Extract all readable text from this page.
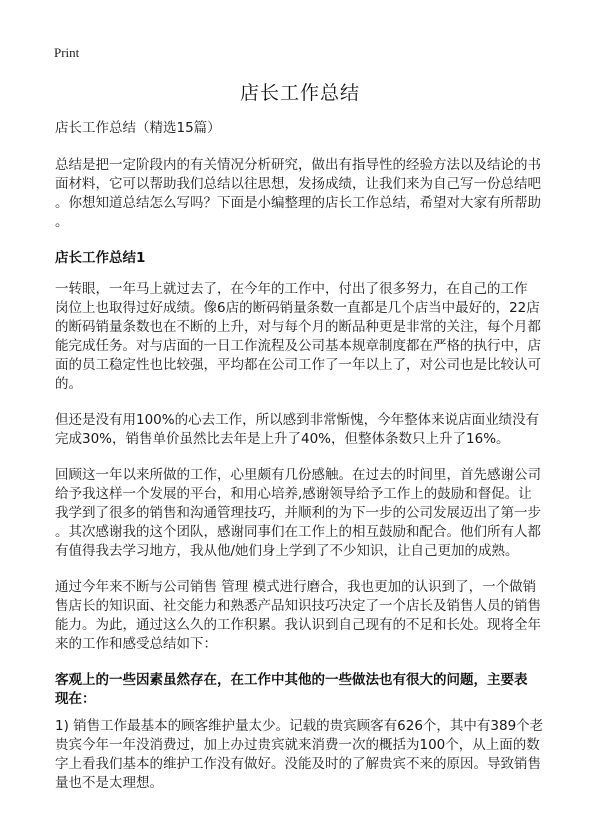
Print
店长工作总结

店长工作总结（精选15篇）

总结是把一定阶段内的有关情况分析研究，做出有指导性的经验方法以及结论的书
面材料，它可以帮助我们总结以往思想，发扬成绩，让我们来为自己写一份总结吧
。你想知道总结怎么写吗？下面是小编整理的店长工作总结，希望对大家有所帮助
。

店长工作总结1

一转眼，一年马上就过去了，在今年的工作中，付出了很多努力，在自己的工作
岗位上也取得过好成绩。像6店的断码销量条数一直都是几个店当中最好的，22店
的断码销量条数也在不断的上升，对与每个月的断品种更是非常的关注，每个月都
能完成任务。对与店面的一日工作流程及公司基本规章制度都在严格的执行中，店
面的员工稳定性也比较强，平均都在公司工作了一年以上了，对公司也是比较认可
的。

但还是没有用100%的心去工作，所以感到非常惭愧，今年整体来说店面业绩没有
完成30%，销售单价虽然比去年是上升了40%，但整体条数只上升了16%。

回顾这一年以来所做的工作，心里颇有几份感触。在过去的时间里，首先感谢公司
给予我这样一个发展的平台，和用心培养,感谢领导给予工作上的鼓励和督促。让
我学到了很多的销售和沟通管理技巧，并顺利的为下一步的公司发展迈出了第一步
。其次感谢我的这个团队，感谢同事们在工作上的相互鼓励和配合。他们所有人都
有值得我去学习地方，我从他/她们身上学到了不少知识，让自己更加的成熟。

通过今年来不断与公司销售 管理 模式进行磨合，我也更加的认识到了，一个做销
售店长的知识面、社交能力和熟悉产品知识技巧决定了一个店长及销售人员的销售
能力。为此，通过这么久的工作积累。我认识到自己现有的不足和长处。现将全年
来的工作和感受总结如下：

客观上的一些因素虽然存在，在工作中其他的一些做法也有很大的问题，主要表
现在：

1) 销售工作最基本的顾客维护量太少。记载的贵宾顾客有626个，其中有389个老
贵宾今年一年没消费过，加上办过贵宾就来消费一次的概括为100个，从上面的数
字上看我们基本的维护工作没有做好。没能及时的了解贵宾不来的原因。导致销售
量也不是太理想。
